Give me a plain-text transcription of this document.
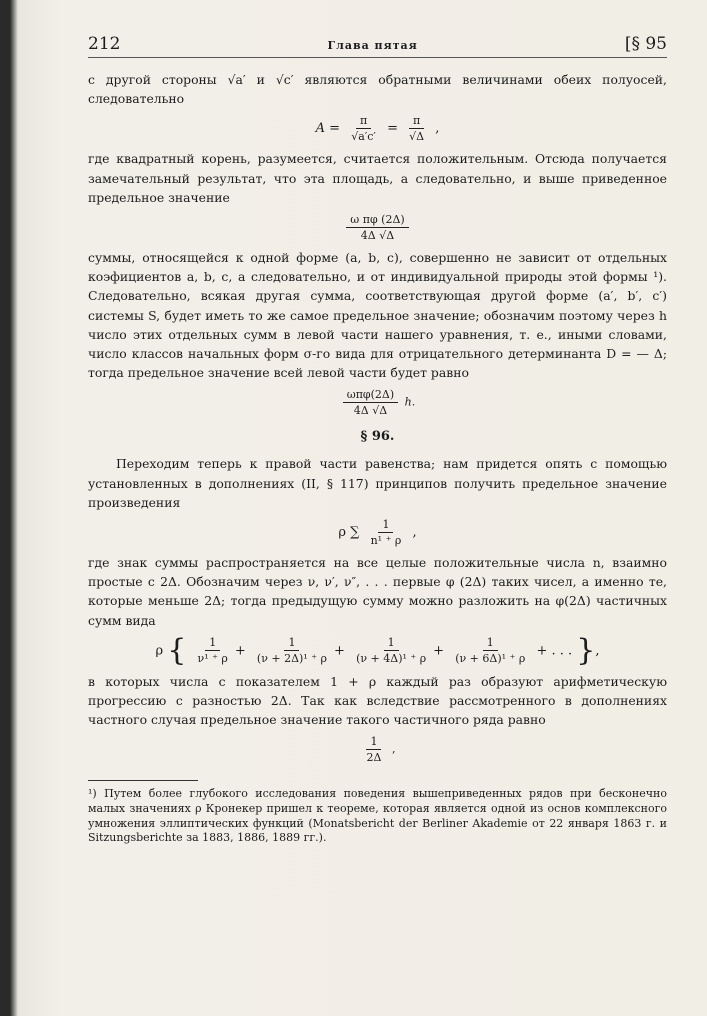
212	Глава пятая	[§ 95

с другой стороны √a′ и √c′ являются обратными величинами обеих полуосей, следовательно

$A = \frac{\pi}{√a'c'} = \frac{\pi}{√\Delta}$ ,

где квадратный корень, разумеется, считается положительным. Отсюда получается замечательный результат, что эта площадь, а следовательно, и выше приведенное предельное значение

$\frac{\text{ω πφ (2Δ)}}{4\Delta √\Delta}$

суммы, относящейся к одной форме (a, b, c), совершенно не зависит от отдельных коэфициентов a, b, c, а следовательно, и от индивидуальной природы этой формы ¹). Следовательно, всякая другая сумма, соответствующая другой форме (a′, b′, c′) системы S, будет иметь то же самое предельное значение; обозначим поэтому через h число этих отдельных сумм в левой части нашего уравнения, т. е., иными словами, число классов начальных форм σ-го вида для отрицательного детерминанта D = — Δ; тогда предельное значение всей левой части будет равно

$\frac{\text{ωπφ(2Δ)}}{4\Delta √\Delta} h$.
§ 96.

Переходим теперь к правой части равенства; нам придется опять с помощью установленных в дополнениях (II, § 117) принципов получить предельное значение произведения

ρ ∑ $\frac{1}{\text{n¹ ⁺ ρ}}$ ,

где знак суммы распространяется на все целые положительные числа n, взаимно простые с 2Δ. Обозначим через ν, ν′, ν″, . . . первые φ (2Δ) таких чисел, а именно те, которые меньше 2Δ; тогда предыдущую сумму можно разложить на φ(2Δ) частичных сумм вида

ρ { $\frac{1}{\text{ν¹ ⁺ ρ}} + \frac{1}{\text{(ν + 2Δ)¹ ⁺ ρ}} + \frac{1}{\text{(ν + 4Δ)¹ ⁺ ρ}} + \frac{1}{\text{(ν + 6Δ)¹ ⁺ ρ}}$ + . . . },

в которых числа с показателем 1 + ρ каждый раз образуют арифметическую прогрессию с разностью 2Δ. Так как вследствие рассмотренного в дополнениях частного случая предельное значение такого частичного ряда равно

$\frac{1}{2\Delta}$ ,
¹) Путем более глубокого исследования поведения вышеприведенных рядов при бесконечно малых значениях ρ Кронекер пришел к теореме, которая является одной из основ комплексного умножения эллиптических функций (Monatsbericht der Berliner Akademie от 22 января 1863 г. и Sitzungsberichte за 1883, 1886, 1889 гг.).
